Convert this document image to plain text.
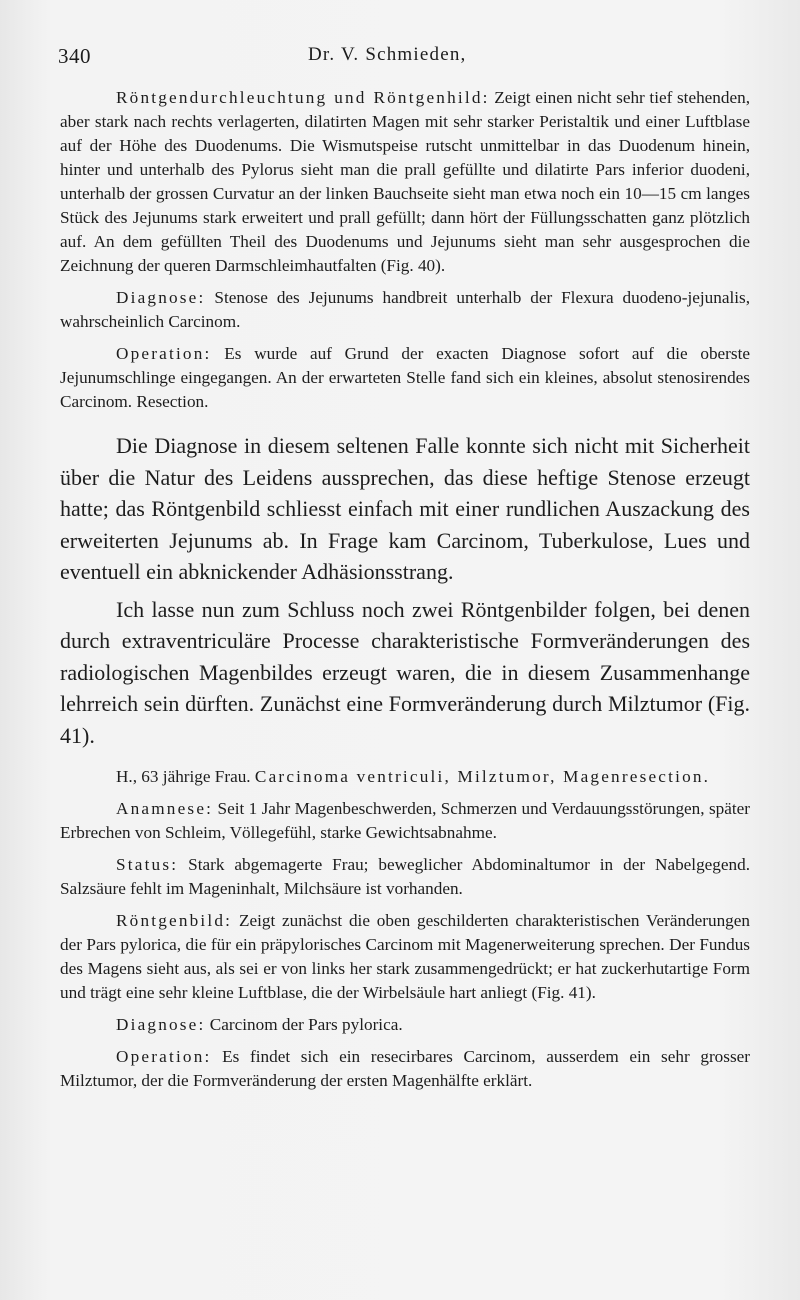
340	Dr. V. Schmieden,

Röntgendurchleuchtung und Röntgenhild: Zeigt einen nicht sehr tief stehenden, aber stark nach rechts verlagerten, dilatirten Magen mit sehr starker Peristaltik und einer Luftblase auf der Höhe des Duodenums. Die Wismutspeise rutscht unmittelbar in das Duodenum hinein, hinter und unterhalb des Pylorus sieht man die prall gefüllte und dilatirte Pars inferior duodeni, unterhalb der grossen Curvatur an der linken Bauchseite sieht man etwa noch ein 10—15 cm langes Stück des Jejunums stark erweitert und prall gefüllt; dann hört der Füllungsschatten ganz plötzlich auf. An dem gefüllten Theil des Duodenums und Jejunums sieht man sehr ausgesprochen die Zeichnung der queren Darmschleimhautfalten (Fig. 40).

Diagnose: Stenose des Jejunums handbreit unterhalb der Flexura duodeno-jejunalis, wahrscheinlich Carcinom.

Operation: Es wurde auf Grund der exacten Diagnose sofort auf die oberste Jejunumschlinge eingegangen. An der erwarteten Stelle fand sich ein kleines, absolut stenosirendes Carcinom. Resection.

Die Diagnose in diesem seltenen Falle konnte sich nicht mit Sicherheit über die Natur des Leidens aussprechen, das diese heftige Stenose erzeugt hatte; das Röntgenbild schliesst einfach mit einer rundlichen Auszackung des erweiterten Jejunums ab. In Frage kam Carcinom, Tuberkulose, Lues und eventuell ein abknickender Adhäsionsstrang.

Ich lasse nun zum Schluss noch zwei Röntgenbilder folgen, bei denen durch extraventriculäre Processe charakteristische Formveränderungen des radiologischen Magenbildes erzeugt waren, die in diesem Zusammenhange lehrreich sein dürften. Zunächst eine Formveränderung durch Milztumor (Fig. 41).

H., 63 jährige Frau. Carcinoma ventriculi, Milztumor, Magenresection.

Anamnese: Seit 1 Jahr Magenbeschwerden, Schmerzen und Verdauungsstörungen, später Erbrechen von Schleim, Völlegefühl, starke Gewichtsabnahme.

Status: Stark abgemagerte Frau; beweglicher Abdominaltumor in der Nabelgegend. Salzsäure fehlt im Mageninhalt, Milchsäure ist vorhanden.

Röntgenbild: Zeigt zunächst die oben geschilderten charakteristischen Veränderungen der Pars pylorica, die für ein präpylorisches Carcinom mit Magenerweiterung sprechen. Der Fundus des Magens sieht aus, als sei er von links her stark zusammengedrückt; er hat zuckerhutartige Form und trägt eine sehr kleine Luftblase, die der Wirbelsäule hart anliegt (Fig. 41).

Diagnose: Carcinom der Pars pylorica.

Operation: Es findet sich ein resecirbares Carcinom, ausserdem ein sehr grosser Milztumor, der die Formveränderung der ersten Magenhälfte erklärt.
